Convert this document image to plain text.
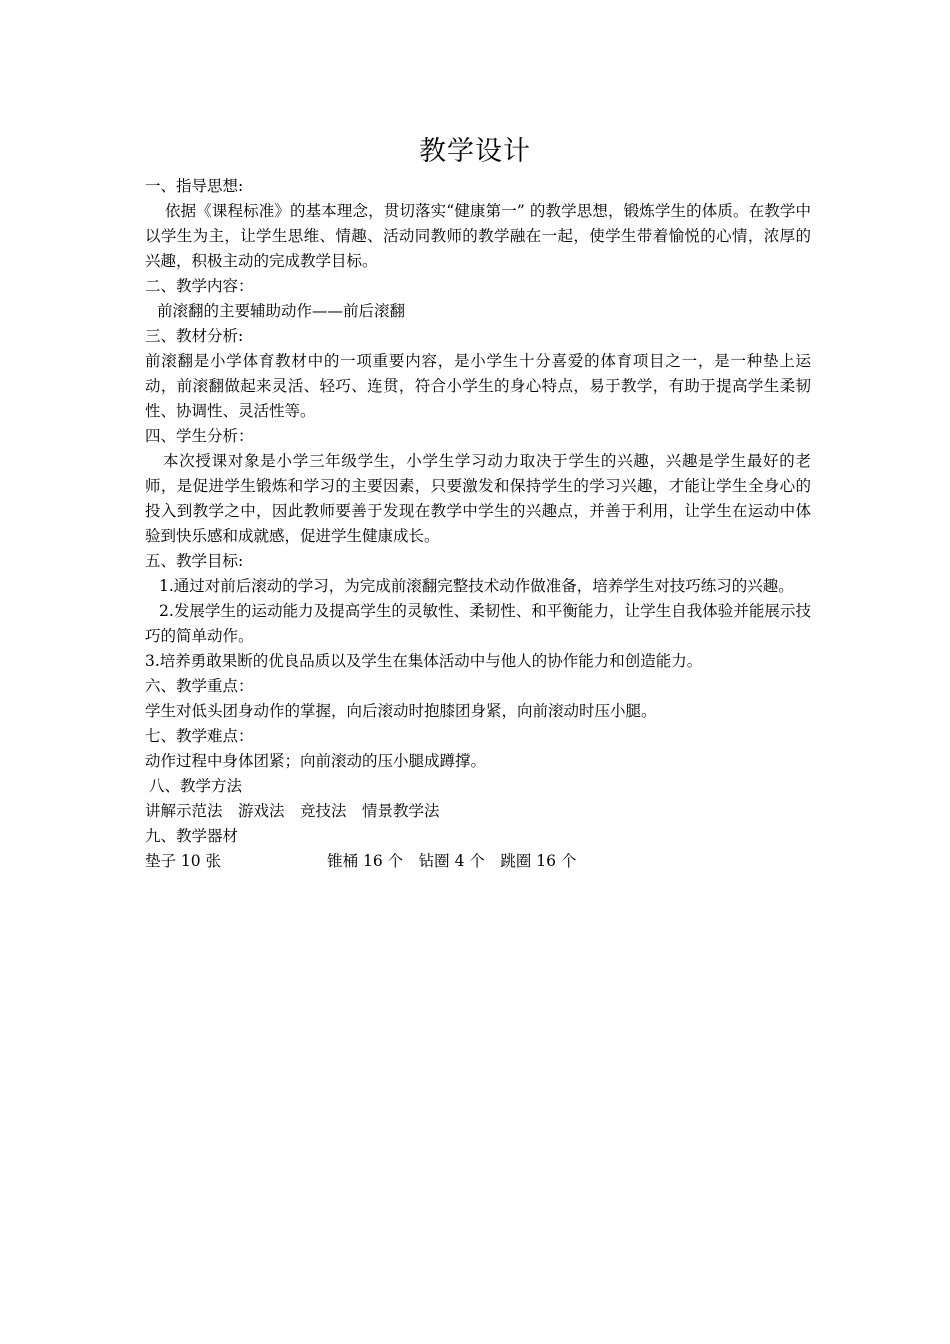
教学设计
一、指导思想:
依据《课程标准》的基本理念，贯切落实“健康第一” 的教学思想，锻炼学生的体质。在教学中以学生为主，让学生思维、情趣、活动同教师的教学融在一起，使学生带着愉悦的心情，浓厚的兴趣，积极主动的完成教学目标。
二、教学内容：
前滚翻的主要辅助动作——前后滚翻
三、教材分析:
前滚翻是小学体育教材中的一项重要内容，是小学生十分喜爱的体育项目之一，是一种垫上运动，前滚翻做起来灵活、轻巧、连贯，符合小学生的身心特点，易于教学，有助于提高学生柔韧性、协调性、灵活性等。
四、学生分析：
本次授课对象是小学三年级学生，小学生学习动力取决于学生的兴趣，兴趣是学生最好的老师，是促进学生锻炼和学习的主要因素，只要激发和保持学生的学习兴趣，才能让学生全身心的投入到教学之中，因此教师要善于发现在教学中学生的兴趣点，并善于利用，让学生在运动中体验到快乐感和成就感，促进学生健康成长。
五、教学目标:
1.通过对前后滚动的学习，为完成前滚翻完整技术动作做准备，培养学生对技巧练习的兴趣。
2.发展学生的运动能力及提高学生的灵敏性、柔韧性、和平衡能力，让学生自我体验并能展示技巧的简单动作。
3.培养勇敢果断的优良品质以及学生在集体活动中与他人的协作能力和创造能力。
六、教学重点：
学生对低头团身动作的掌握，向后滚动时抱膝团身紧，向前滚动时压小腿。
七、教学难点：
动作过程中身体团紧；向前滚动的压小腿成蹲撑。
八、教学方法
讲解示范法　游戏法　竞技法　情景教学法
九、教学器材
垫子 10 张	锥桶 16 个　钻圈 4 个　跳圈 16 个
